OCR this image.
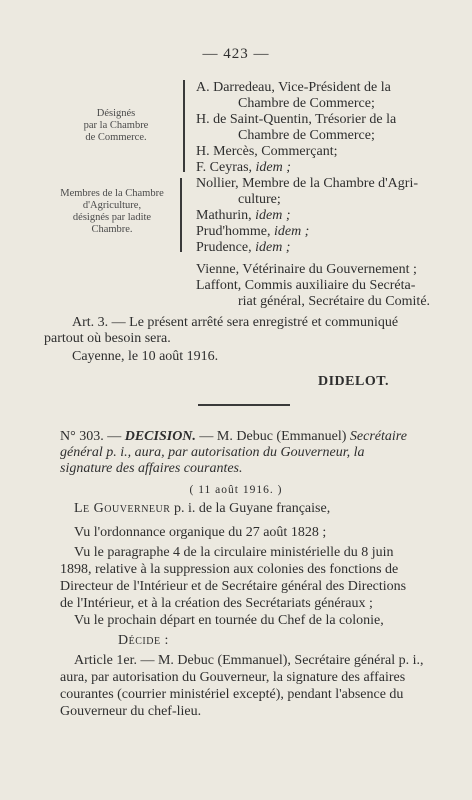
— 423 —
Désignés
par la Chambre
de Commerce.
A. Darredeau, Vice-Président de la
Chambre de Commerce;
H. de Saint-Quentin, Trésorier de la
Chambre de Commerce;
H. Mercès, Commerçant;
F. Ceyras, idem ;
Membres de la Chambre
d'Agriculture,
désignés par ladite
Chambre.
Nollier, Membre de la Chambre d'Agri-
culture;
Mathurin, idem ;
Prud'homme, idem ;
Prudence, idem ;
Vienne, Vétérinaire du Gouvernement ;
Laffont, Commis auxiliaire du Secréta-
riat général, Secrétaire du Comité.
Art. 3. — Le présent arrêté sera enregistré et communiqué
partout où besoin sera.
Cayenne, le 10 août 1916.
DIDELOT.
N° 303. — DECISION. — M. Debuc (Emmanuel) Secrétaire
général p. i., aura, par autorisation du Gouverneur, la
signature des affaires courantes.
( 11 août 1916. )
Le Gouverneur p. i. de la Guyane française,
Vu l'ordonnance organique du 27 août 1828 ;
Vu le paragraphe 4 de la circulaire ministérielle du 8 juin
1898, relative à la suppression aux colonies des fonctions de
Directeur de l'Intérieur et de Secrétaire général des Directions
de l'Intérieur, et à la création des Secrétariats généraux ;
Vu le prochain départ en tournée du Chef de la colonie,
Décide :
Article 1er. — M. Debuc (Emmanuel), Secrétaire général p. i.,
aura, par autorisation du Gouverneur, la signature des affaires
courantes (courrier ministériel excepté), pendant l'absence du
Gouverneur du chef-lieu.
